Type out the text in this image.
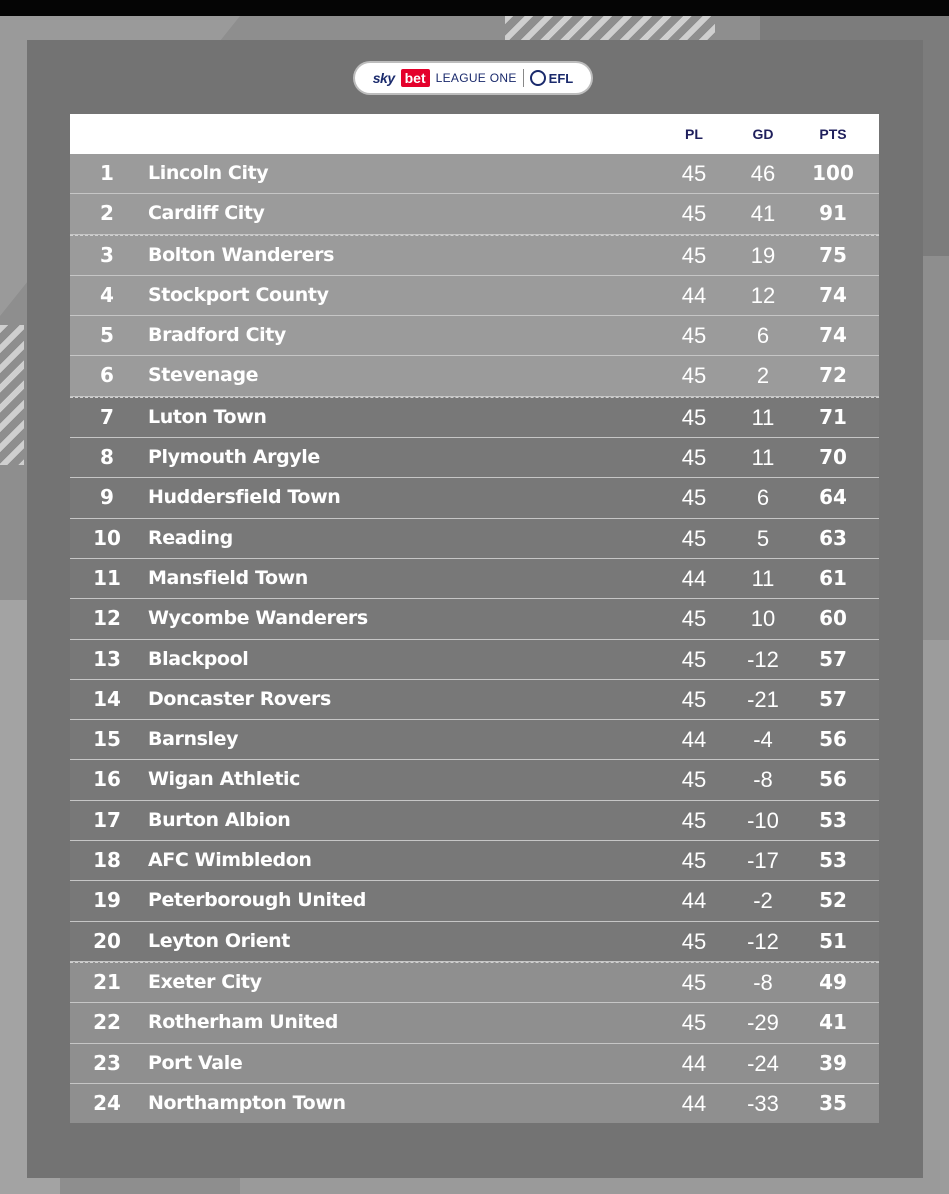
sky bet LEAGUE ONE EFL
PL	GD	PTS
1	Lincoln City	45	46	100
2	Cardiff City	45	41	91
3	Bolton Wanderers	45	19	75
4	Stockport County	44	12	74
5	Bradford City	45	6	74
6	Stevenage	45	2	72
7	Luton Town	45	11	71
8	Plymouth Argyle	45	11	70
9	Huddersfield Town	45	6	64
10	Reading	45	5	63
11	Mansfield Town	44	11	61
12	Wycombe Wanderers	45	10	60
13	Blackpool	45	-12	57
14	Doncaster Rovers	45	-21	57
15	Barnsley	44	-4	56
16	Wigan Athletic	45	-8	56
17	Burton Albion	45	-10	53
18	AFC Wimbledon	45	-17	53
19	Peterborough United	44	-2	52
20	Leyton Orient	45	-12	51
21	Exeter City	45	-8	49
22	Rotherham United	45	-29	41
23	Port Vale	44	-24	39
24	Northampton Town	44	-33	35
